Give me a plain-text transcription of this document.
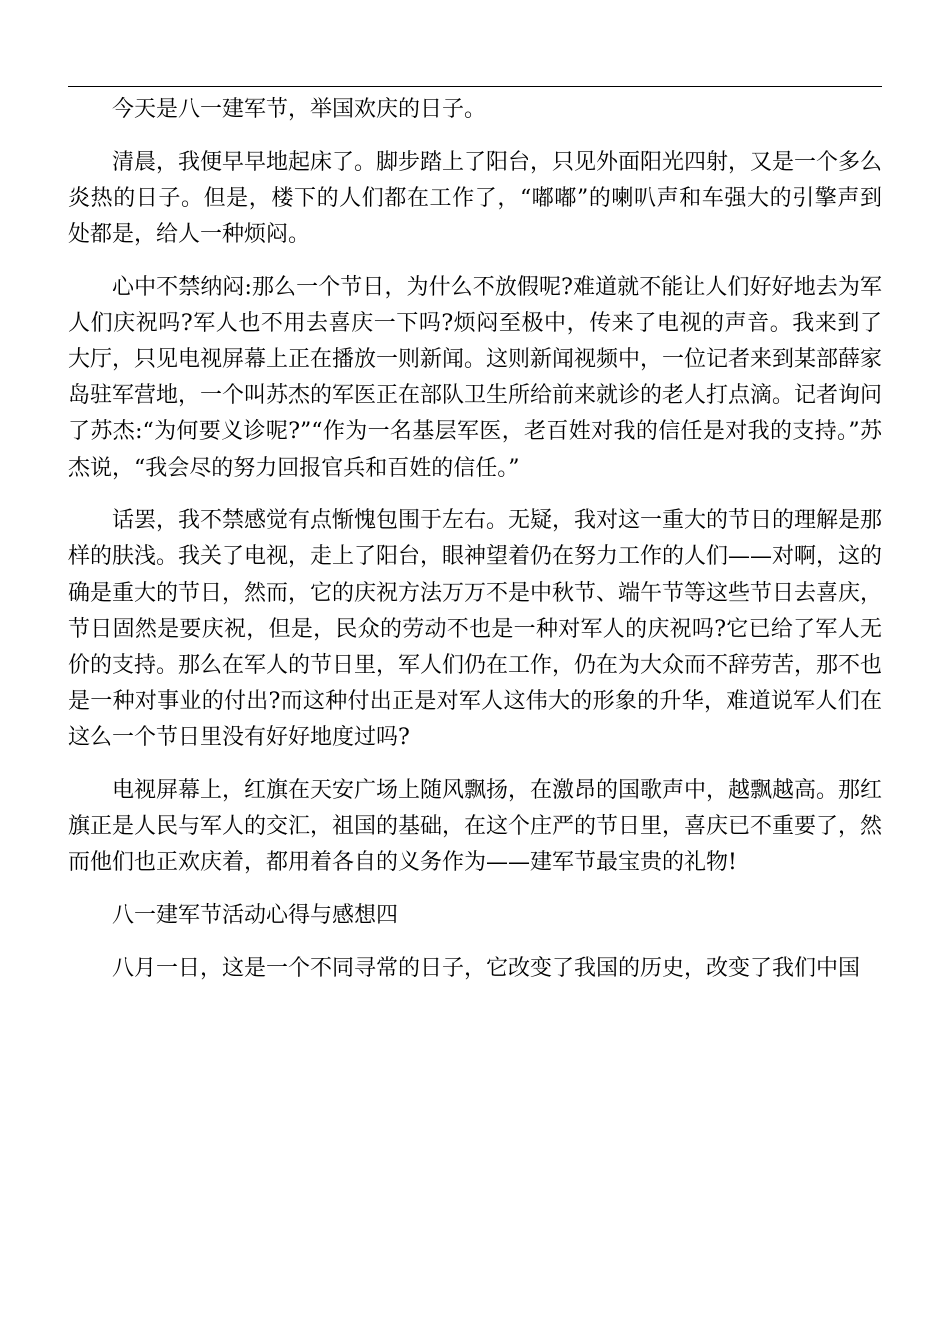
今天是八一建军节，举国欢庆的日子。

清晨，我便早早地起床了。脚步踏上了阳台，只见外面阳光四射，又是一个多么炎热的日子。但是，楼下的人们都在工作了，“嘟嘟”的喇叭声和车强大的引擎声到处都是，给人一种烦闷。

心中不禁纳闷:那么一个节日，为什么不放假呢?难道就不能让人们好好地去为军人们庆祝吗?军人也不用去喜庆一下吗?烦闷至极中，传来了电视的声音。我来到了大厅，只见电视屏幕上正在播放一则新闻。这则新闻视频中，一位记者来到某部薛家岛驻军营地，一个叫苏杰的军医正在部队卫生所给前来就诊的老人打点滴。记者询问了苏杰:“为何要义诊呢?”“作为一名基层军医，老百姓对我的信任是对我的支持。”苏杰说，“我会尽的努力回报官兵和百姓的信任。”

话罢，我不禁感觉有点惭愧包围于左右。无疑，我对这一重大的节日的理解是那样的肤浅。我关了电视，走上了阳台，眼神望着仍在努力工作的人们——对啊，这的确是重大的节日，然而，它的庆祝方法万万不是中秋节、端午节等这些节日去喜庆，节日固然是要庆祝，但是，民众的劳动不也是一种对军人的庆祝吗?它已给了军人无价的支持。那么在军人的节日里，军人们仍在工作，仍在为大众而不辞劳苦，那不也是一种对事业的付出?而这种付出正是对军人这伟大的形象的升华，难道说军人们在这么一个节日里没有好好地度过吗?

电视屏幕上，红旗在天安广场上随风飘扬，在激昂的国歌声中，越飘越高。那红旗正是人民与军人的交汇，祖国的基础，在这个庄严的节日里，喜庆已不重要了，然而他们也正欢庆着，都用着各自的义务作为——建军节最宝贵的礼物!

八一建军节活动心得与感想四

八月一日，这是一个不同寻常的日子，它改变了我国的历史，改变了我们中国
